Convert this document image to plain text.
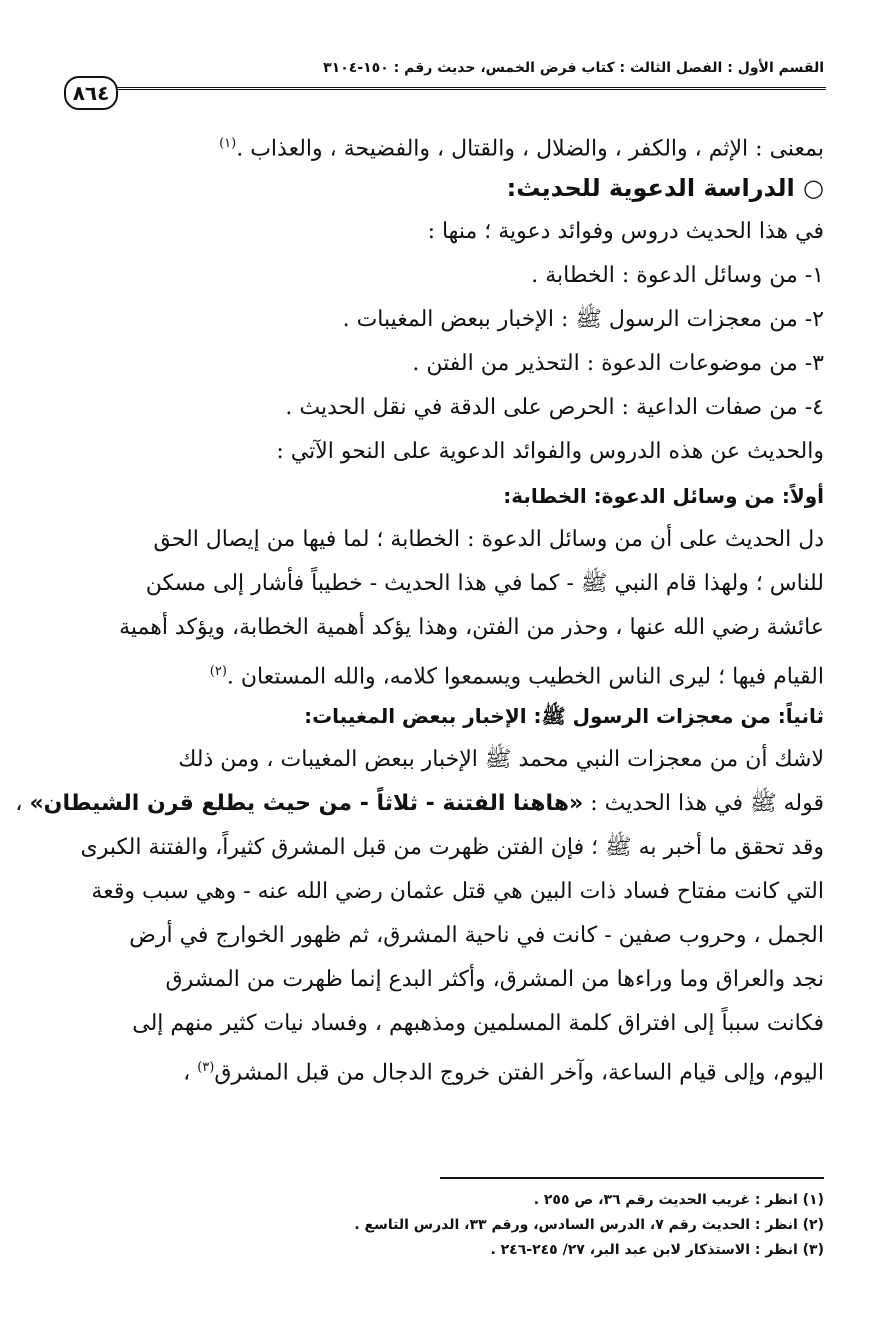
القسم الأول : الفصل الثالث : كتاب فرض الخمس، حديث رقم : ١٥٠-٣١٠٤
٨٦٤
بمعنى : الإثم ، والكفر ، والضلال ، والقتال ، والفضيحة ، والعذاب .$^{(١)}$
○ الدراسة الدعوية للحديث:
في هذا الحديث دروس وفوائد دعوية ؛ منها :
١- من وسائل الدعوة : الخطابة .
٢- من معجزات الرسول ﷺ : الإخبار ببعض المغيبات .
٣- من موضوعات الدعوة : التحذير من الفتن .
٤- من صفات الداعية : الحرص على الدقة في نقل الحديث .
والحديث عن هذه الدروس والفوائد الدعوية على النحو الآتي :
أولاً: من وسائل الدعوة: الخطابة:
دل الحديث على أن من وسائل الدعوة : الخطابة ؛ لما فيها من إيصال الحق
للناس ؛ ولهذا قام النبي ﷺ - كما في هذا الحديث - خطيباً فأشار إلى مسكن
عائشة رضي الله عنها ، وحذر من الفتن، وهذا يؤكد أهمية الخطابة، ويؤكد أهمية
القيام فيها ؛ ليرى الناس الخطيب ويسمعوا كلامه، والله المستعان .$^{(٢)}$
ثانياً: من معجزات الرسول ﷺ: الإخبار ببعض المغيبات:
لاشك أن من معجزات النبي محمد ﷺ الإخبار ببعض المغيبات ، ومن ذلك
قوله ﷺ في هذا الحديث : «هاهنا الفتنة - ثلاثاً - من حيث يطلع قرن الشيطان» ،
وقد تحقق ما أخبر به ﷺ ؛ فإن الفتن ظهرت من قبل المشرق كثيراً، والفتنة الكبرى
التي كانت مفتاح فساد ذات البين هي قتل عثمان رضي الله عنه - وهي سبب وقعة
الجمل ، وحروب صفين - كانت في ناحية المشرق، ثم ظهور الخوارج في أرض
نجد والعراق وما وراءها من المشرق، وأكثر البدع إنما ظهرت من المشرق
فكانت سبباً إلى افتراق كلمة المسلمين ومذهبهم ، وفساد نيات كثير منهم إلى
اليوم، وإلى قيام الساعة، وآخر الفتن خروج الدجال من قبل المشرق$^{(٣)}$ ،
(١) انظر : غريب الحديث رقم ٣٦، ص ٢٥٥ .
(٢) انظر : الحديث رقم ٧، الدرس السادس، ورقم ٣٣، الدرس التاسع .
(٣) انظر : الاستذكار لابن عبد البر، ٢٧/ ٢٤٥-٢٤٦ .
